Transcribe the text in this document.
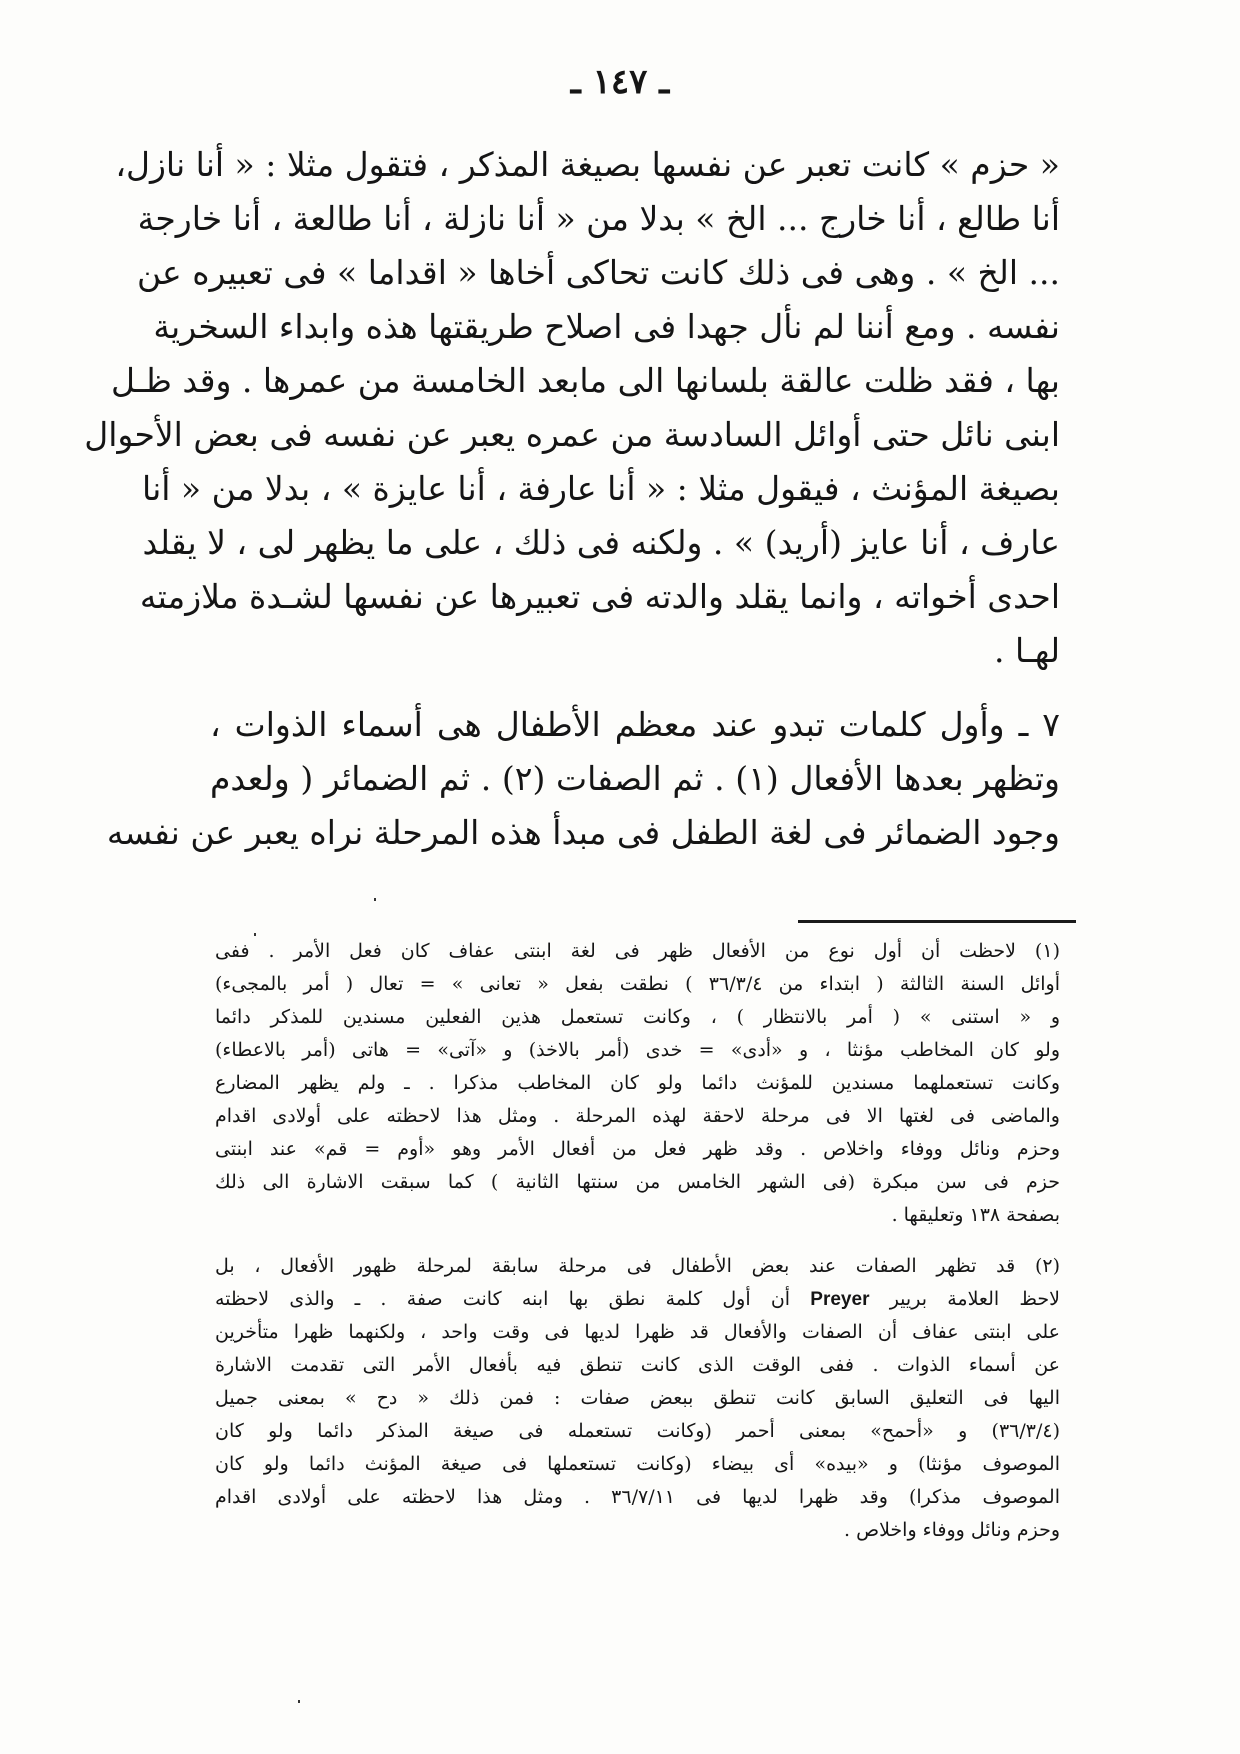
ـ ١٤٧ ـ
« حزم » كانت تعبر عن نفسها بصيغة المذكر ، فتقول مثلا : « أنا نازل،
أنا طالع ، أنا خارج ... الخ » بدلا من « أنا نازلة ، أنا طالعة ، أنا خارجة
... الخ » . وهى فى ذلك كانت تحاكى أخاها « اقداما » فى تعبيره عن
نفسه . ومع أننا لم نأل جهدا فى اصلاح طريقتها هذه وابداء السخرية
بها ، فقد ظلت عالقة بلسانها الى مابعد الخامسة من عمرها . وقد ظـل
ابنى نائل حتى أوائل السادسة من عمره يعبر عن نفسه فى بعض الأحوال
بصيغة المؤنث ، فيقول مثلا : « أنا عارفة ، أنا عايزة » ، بدلا من « أنا
عارف ، أنا عايز (أريد) » . ولكنه فى ذلك ، على ما يظهر لى ، لا يقلد
احدى أخواته ، وانما يقلد والدته فى تعبيرها عن نفسها لشـدة ملازمته
لهـا .
٧ ـ وأول كلمات تبدو عند معظم الأطفال هى أسماء الذوات ،
وتظهر بعدها الأفعال (١) . ثم الصفات (٢) . ثم الضمائر ( ولعدم
وجود الضمائر فى لغة الطفل فى مبدأ هذه المرحلة نراه يعبر عن نفسه
(١) لاحظت أن أول نوع من الأفعال ظهر فى لغة ابنتى عفاف كان فعل الأمر . ففى
أوائل السنة الثالثة ( ابتداء من ٣٦/٣/٤ ) نطقت بفعل « تعانى » = تعال ( أمر بالمجىء)
و « استنى » ( أمر بالانتظار ) ، وكانت تستعمل هذين الفعلين مسندين للمذكر دائما
ولو كان المخاطب مؤنثا ، و «أدى» = خدى (أمر بالاخذ) و «آتى» = هاتى (أمر بالاعطاء)
وكانت تستعملهما مسندين للمؤنث دائما ولو كان المخاطب مذكرا . ـ ولم يظهر المضارع
والماضى فى لغتها الا فى مرحلة لاحقة لهذه المرحلة . ومثل هذا لاحظته على أولادى اقدام
وحزم ونائل ووفاء واخلاص . وقد ظهر فعل من أفعال الأمر وهو «أوم = قم» عند ابنتى
حزم فى سن مبكرة (فى الشهر الخامس من سنتها الثانية ) كما سبقت الاشارة الى ذلك
بصفحة ١٣٨ وتعليقها .
(٢) قد تظهر الصفات عند بعض الأطفال فى مرحلة سابقة لمرحلة ظهور الأفعال ، بل
لاحظ العلامة بريير Preyer أن أول كلمة نطق بها ابنه كانت صفة . ـ والذى لاحظته
على ابنتى عفاف أن الصفات والأفعال قد ظهرا لديها فى وقت واحد ، ولكنهما ظهرا متأخرين
عن أسماء الذوات . ففى الوقت الذى كانت تنطق فيه بأفعال الأمر التى تقدمت الاشارة
اليها فى التعليق السابق كانت تنطق ببعض صفات : فمن ذلك « دح » بمعنى جميل
(٣٦/٣/٤) و «أحمح» بمعنى أحمر (وكانت تستعمله فى صيغة المذكر دائما ولو كان
الموصوف مؤنثا) و «بيده» أى بيضاء (وكانت تستعملها فى صيغة المؤنث دائما ولو كان
الموصوف مذكرا) وقد ظهرا لديها فى ٣٦/٧/١١ . ومثل هذا لاحظته على أولادى اقدام
وحزم ونائل ووفاء واخلاص .
